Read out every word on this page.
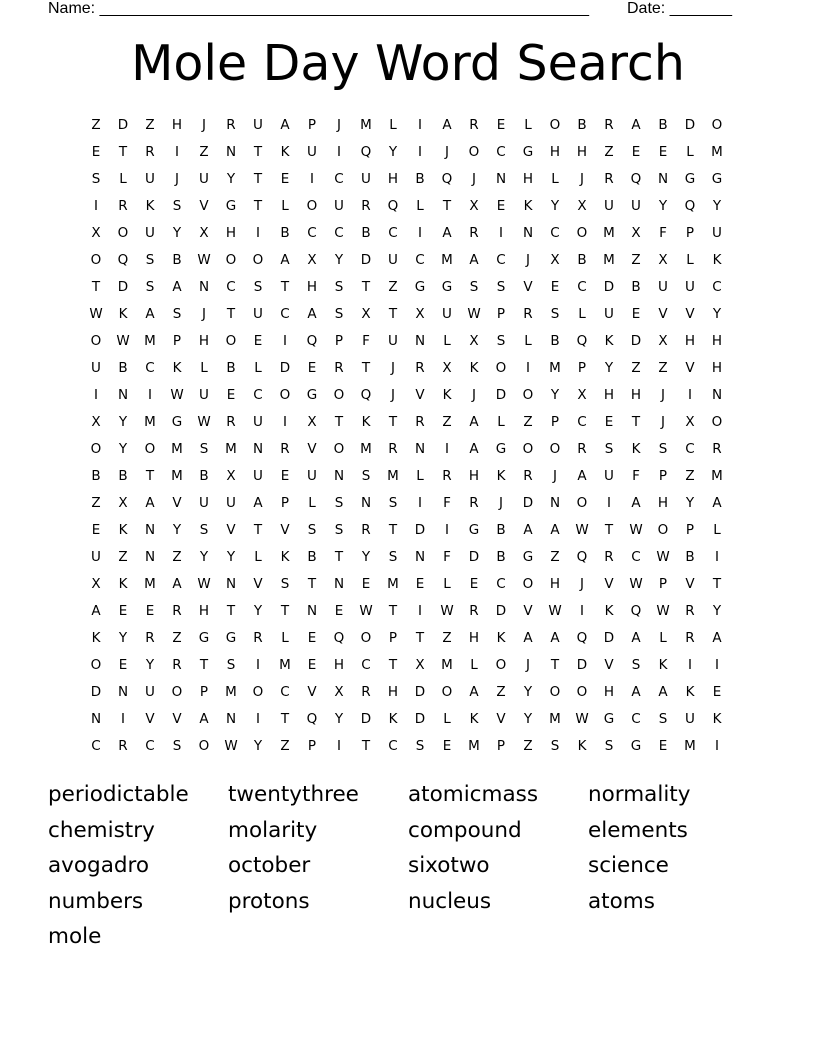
Name: _______________________________________________________ Date: _______
Mole Day Word Search
Z	D	Z	H	J	R	U	A	P	J	M	L	I	A	R	E	L	O	B	R	A	B	D	O
E	T	R	I	Z	N	T	K	U	I	Q	Y	I	J	O	C	G	H	H	Z	E	E	L	M
S	L	U	J	U	Y	T	E	I	C	U	H	B	Q	J	N	H	L	J	R	Q	N	G	G
I	R	K	S	V	G	T	L	O	U	R	Q	L	T	X	E	K	Y	X	U	U	Y	Q	Y
X	O	U	Y	X	H	I	B	C	C	B	C	I	A	R	I	N	C	O	M	X	F	P	U
O	Q	S	B	W	O	O	A	X	Y	D	U	C	M	A	C	J	X	B	M	Z	X	L	K
T	D	S	A	N	C	S	T	H	S	T	Z	G	G	S	S	V	E	C	D	B	U	U	C
W	K	A	S	J	T	U	C	A	S	X	T	X	U	W	P	R	S	L	U	E	V	V	Y
O	W	M	P	H	O	E	I	Q	P	F	U	N	L	X	S	L	B	Q	K	D	X	H	H
U	B	C	K	L	B	L	D	E	R	T	J	R	X	K	O	I	M	P	Y	Z	Z	V	H
I	N	I	W	U	E	C	O	G	O	Q	J	V	K	J	D	O	Y	X	H	H	J	I	N
X	Y	M	G	W	R	U	I	X	T	K	T	R	Z	A	L	Z	P	C	E	T	J	X	O
O	Y	O	M	S	M	N	R	V	O	M	R	N	I	A	G	O	O	R	S	K	S	C	R
B	B	T	M	B	X	U	E	U	N	S	M	L	R	H	K	R	J	A	U	F	P	Z	M
Z	X	A	V	U	U	A	P	L	S	N	S	I	F	R	J	D	N	O	I	A	H	Y	A
E	K	N	Y	S	V	T	V	S	S	R	T	D	I	G	B	A	A	W	T	W	O	P	L
U	Z	N	Z	Y	Y	L	K	B	T	Y	S	N	F	D	B	G	Z	Q	R	C	W	B	I
X	K	M	A	W	N	V	S	T	N	E	M	E	L	E	C	O	H	J	V	W	P	V	T
A	E	E	R	H	T	Y	T	N	E	W	T	I	W	R	D	V	W	I	K	Q	W	R	Y
K	Y	R	Z	G	G	R	L	E	Q	O	P	T	Z	H	K	A	A	Q	D	A	L	R	A
O	E	Y	R	T	S	I	M	E	H	C	T	X	M	L	O	J	T	D	V	S	K	I	I
D	N	U	O	P	M	O	C	V	X	R	H	D	O	A	Z	Y	O	O	H	A	A	K	E
N	I	V	V	A	N	I	T	Q	Y	D	K	D	L	K	V	Y	M	W	G	C	S	U	K
C	R	C	S	O	W	Y	Z	P	I	T	C	S	E	M	P	Z	S	K	S	G	E	M	I
periodictable twentythree atomicmass normality
chemistry	molarity	compound	elements
avogadro	october	sixotwo	science
numbers	protons	nucleus	atoms
mole
